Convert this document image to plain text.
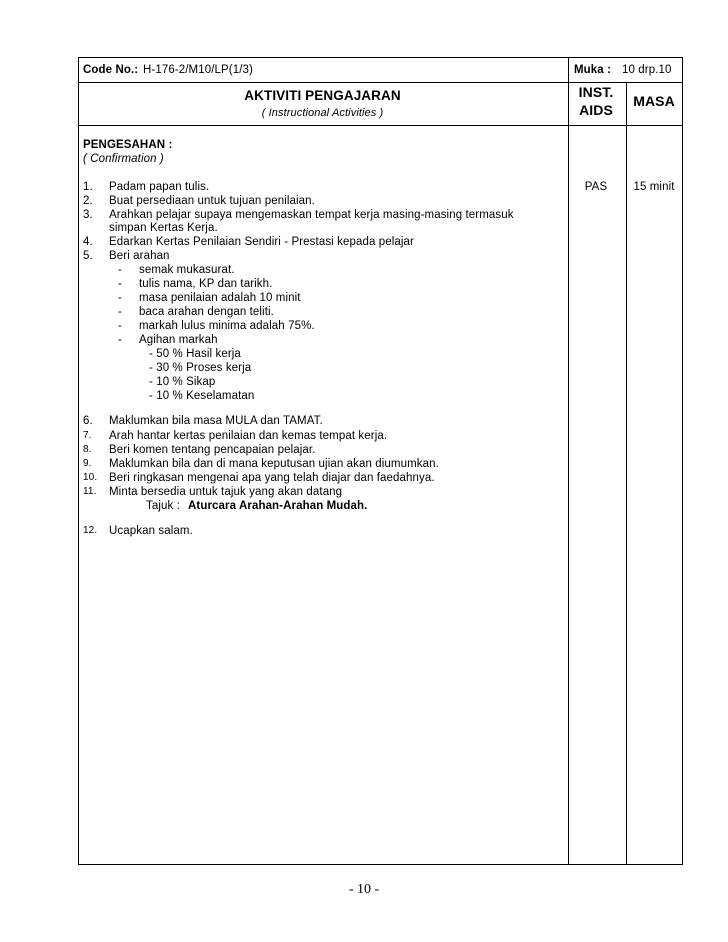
Code No.: H-176-2/M10/LP(1/3)	Muka : 10 drp.10
AKTIVITI PENGAJARAN
( Instructional Activities )
INST.
AIDS
MASA
PENGESAHAN :
( Confirmation )
PAS	15 minit
1. Padam papan tulis.
2. Buat persediaan untuk tujuan penilaian.
3. Arahkan pelajar supaya mengemaskan tempat kerja masing-masing termasuk
simpan Kertas Kerja.
4. Edarkan Kertas Penilaian Sendiri - Prestasi kepada pelajar
5. Beri arahan
- semak mukasurat.
- tulis nama, KP dan tarikh.
- masa penilaian adalah 10 minit
- baca arahan dengan teliti.
- markah lulus minima adalah 75%.
- Agihan markah
- 50 % Hasil kerja
- 30 % Proses kerja
- 10 % Sikap
- 10 % Keselamatan
6. Maklumkan bila masa MULA dan TAMAT.
7. Arah hantar kertas penilaian dan kemas tempat kerja.
8. Beri komen tentang pencapaian pelajar.
9. Maklumkan bila dan di mana keputusan ujian akan diumumkan.
10. Beri ringkasan mengenai apa yang telah diajar dan faedahnya.
11. Minta bersedia untuk tajuk yang akan datang
Tajuk : Aturcara Arahan-Arahan Mudah.
12. Ucapkan salam.
- 10 -
